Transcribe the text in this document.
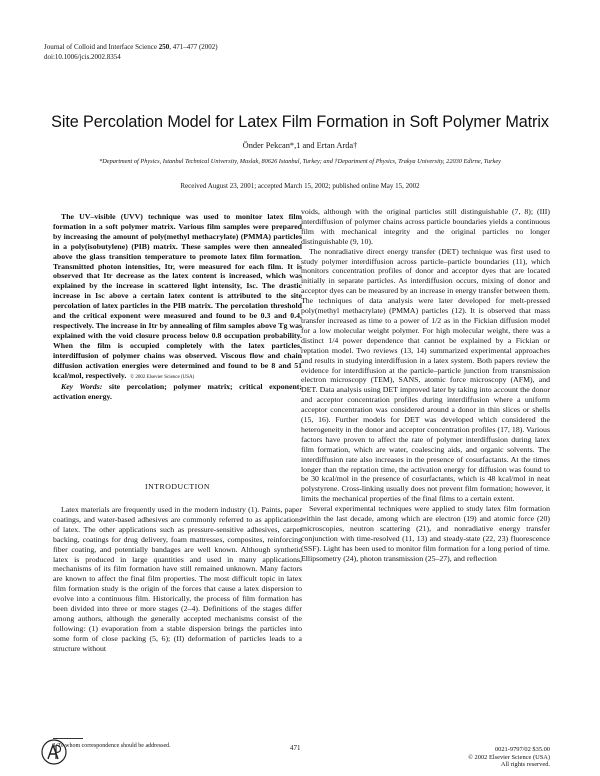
Journal of Colloid and Interface Science 250, 471–477 (2002)
doi:10.1006/jcis.2002.8354
Site Percolation Model for Latex Film Formation in Soft Polymer Matrix
Önder Pekcan*,1 and Ertan Arda†
*Department of Physics, Istanbul Technical University, Maslak, 80626 Istanbul, Turkey; and †Department of Physics, Trakya University, 22030 Edirne, Turkey
Received August 23, 2001; accepted March 15, 2002; published online May 15, 2002

The UV–visible (UVV) technique was used to monitor latex film formation in a soft polymer matrix. Various film samples were prepared by increasing the amount of poly(methyl methacrylate) (PMMA) particles in a poly(isobutylene) (PIB) matrix. These samples were then annealed above the glass transition temperature to promote latex film formation. Transmitted photon intensities, Itr, were measured for each film. It is observed that Itr decrease as the latex content is increased, which was explained by the increase in scattered light intensity, Isc. The drastic increase in Isc above a certain latex content is attributed to the site percolation of latex particles in the PIB matrix. The percolation threshold and the critical exponent were measured and found to be 0.3 and 0.4, respectively. The increase in Itr by annealing of film samples above Tg was explained with the void closure process below 0.8 occupation probability. When the film is occupied completely with the latex particles, interdiffusion of polymer chains was observed. Viscous flow and chain diffusion activation energies were determined and found to be 8 and 51 kcal/mol, respectively. © 2002 Elsevier Science (USA)

Key Words: site percolation; polymer matrix; critical exponent; activation energy.

INTRODUCTION

Latex materials are frequently used in the modern industry (1). Paints, paper coatings, and water-based adhesives are commonly referred to as applications of latex. The other applications such as pressure-sensitive adhesives, carpet backing, coatings for drug delivery, foam mattresses, composites, reinforcing fiber coating, and potentially bandages are well known. Although synthetic latex is produced in large quantities and used in many applications, mechanisms of its film formation have still remained unknown. Many factors are known to affect the final film properties. The most difficult topic in latex film formation study is the origin of the forces that cause a latex dispersion to evolve into a continuous film. Historically, the process of film formation has been divided into three or more stages (2–4). Definitions of the stages differ among authors, although the generally accepted mechanisms consist of the following: (1) evaporation from a stable dispersion brings the particles into some form of close packing (5, 6); (II) deformation of particles leads to a structure without

voids, although with the original particles still distinguishable (7, 8); (III) interdiffusion of polymer chains across particle boundaries yields a continuous film with mechanical integrity and the original particles no longer distinguishable (9, 10).

The nonradiative direct energy transfer (DET) technique was first used to study polymer interdiffusion across particle–particle boundaries (11), which monitors concentration profiles of donor and acceptor dyes that are located initially in separate particles. As interdiffusion occurs, mixing of donor and acceptor dyes can be measured by an increase in energy transfer between them. The techniques of data analysis were later developed for melt-pressed poly(methyl methacrylate) (PMMA) particles (12). It is observed that mass transfer increased as time to a power of 1/2 as in the Fickian diffusion model for a low molecular weight polymer. For high molecular weight, there was a distinct 1/4 power dependence that cannot be explained by a Fickian or reptation model. Two reviews (13, 14) summarized experimental approaches and results in studying interdiffusion in a latex system. Both papers review the evidence for interdiffusion at the particle–particle junction from transmission electron microscopy (TEM), SANS, atomic force microscopy (AFM), and DET. Data analysis using DET improved later by taking into account the donor and acceptor concentration profiles during interdiffusion where a uniform acceptor concentration was considered around a donor in thin slices or shells (15, 16). Further models for DET was developed which considered the heterogeneity in the donor and acceptor concentration profiles (17, 18). Various factors have proven to affect the rate of polymer interdiffusion during latex film formation, which are water, coalescing aids, and organic solvents. The interdiffusion rate also increases in the presence of cosurfactants. At the times longer than the reptation time, the activation energy for diffusion was found to be 30 kcal/mol in the presence of cosurfactants, which is 48 kcal/mol in neat polystyrene. Cross-linking usually does not prevent film formation; however, it limits the mechanical properties of the final films to a certain extent.

Several experimental techniques were applied to study latex film formation within the last decade, among which are electron (19) and atomic force (20) microscopies, neutron scattering (21), and nonradiative energy transfer conjunction with time-resolved (11, 13) and steady-state (22, 23) fluorescence (SSF). Light has been used to monitor film formation for a long period of time. Ellipsometry (24), photon transmission (25–27), and reflection

1 To whom correspondence should be addressed.	471	0021-9797/02 $35.00
© 2002 Elsevier Science (USA)
All rights reserved.
